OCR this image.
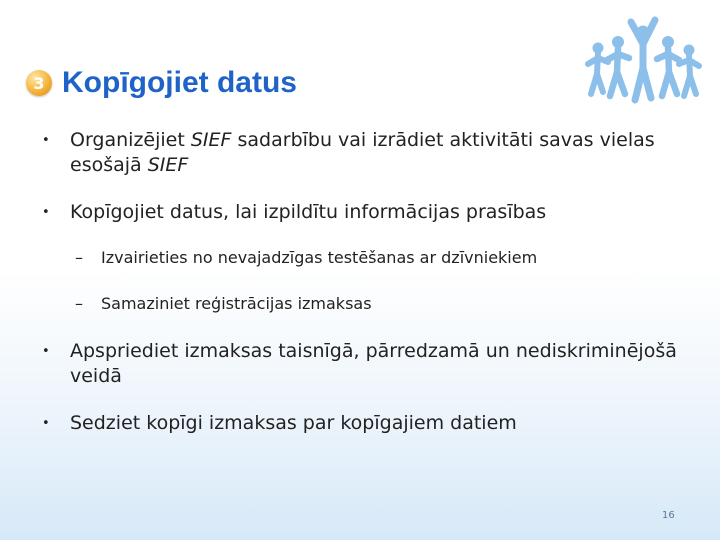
3 Kopīgojiet datus
• Organizējiet SIEF sadarbību vai izrādiet aktivitāti savas vielas esošajā SIEF
• Kopīgojiet datus, lai izpildītu informācijas prasības
– Izvairieties no nevajadzīgas testēšanas ar dzīvniekiem
– Samaziniet reģistrācijas izmaksas
• Apspriediet izmaksas taisnīgā, pārredzamā un nediskriminējošā veidā
• Sedziet kopīgi izmaksas par kopīgajiem datiem
16
